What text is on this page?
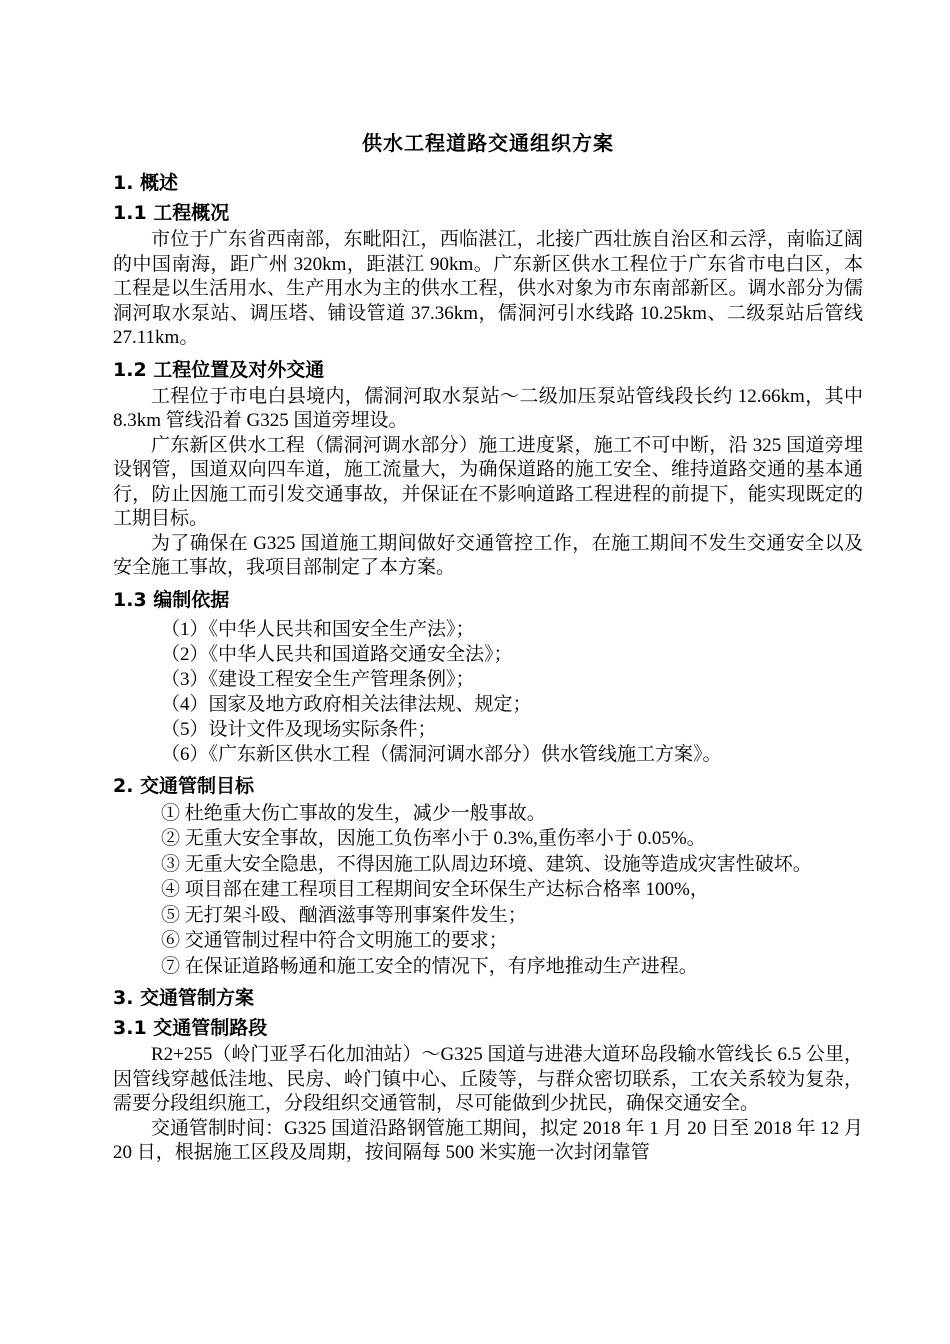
供水工程道路交通组织方案
1. 概述
1.1 工程概况

市位于广东省西南部，东毗阳江，西临湛江，北接广西壮族自治区和云浮，南临辽阔的中国南海，距广州 320km，距湛江 90km。广东新区供水工程位于广东省市电白区，本工程是以生活用水、生产用水为主的供水工程，供水对象为市东南部新区。调水部分为儒洞河取水泵站、调压塔、铺设管道 37.36km，儒洞河引水线路 10.25km、二级泵站后管线 27.11km。

1.2 工程位置及对外交通

工程位于市电白县境内，儒洞河取水泵站～二级加压泵站管线段长约 12.66km，其中 8.3km 管线沿着 G325 国道旁埋设。

广东新区供水工程（儒洞河调水部分）施工进度紧，施工不可中断，沿 325 国道旁埋设钢管，国道双向四车道，施工流量大，为确保道路的施工安全、维持道路交通的基本通行，防止因施工而引发交通事故，并保证在不影响道路工程进程的前提下，能实现既定的工期目标。

为了确保在 G325 国道施工期间做好交通管控工作，在施工期间不发生交通安全以及安全施工事故，我项目部制定了本方案。

1.3 编制依据
（1）《中华人民共和国安全生产法》；
（2）《中华人民共和国道路交通安全法》；
（3）《建设工程安全生产管理条例》；
（4）国家及地方政府相关法律法规、规定；
（5）设计文件及现场实际条件；
（6）《广东新区供水工程（儒洞河调水部分）供水管线施工方案》。
2. 交通管制目标
① 杜绝重大伤亡事故的发生，减少一般事故。
② 无重大安全事故，因施工负伤率小于 0.3%,重伤率小于 0.05%。
③ 无重大安全隐患，不得因施工队周边环境、建筑、设施等造成灾害性破坏。
④ 项目部在建工程项目工程期间安全环保生产达标合格率 100%，
⑤ 无打架斗殴、酗酒滋事等刑事案件发生；
⑥ 交通管制过程中符合文明施工的要求；
⑦ 在保证道路畅通和施工安全的情况下，有序地推动生产进程。
3. 交通管制方案
3.1 交通管制路段

R2+255（岭门亚孚石化加油站）～G325 国道与进港大道环岛段输水管线长 6.5 公里，因管线穿越低洼地、民房、岭门镇中心、丘陵等，与群众密切联系，工农关系较为复杂，需要分段组织施工，分段组织交通管制，尽可能做到少扰民，确保交通安全。

交通管制时间：G325 国道沿路钢管施工期间，拟定 2018 年 1 月 20 日至 2018 年 12 月 20 日，根据施工区段及周期，按间隔每 500 米实施一次封闭靠管
